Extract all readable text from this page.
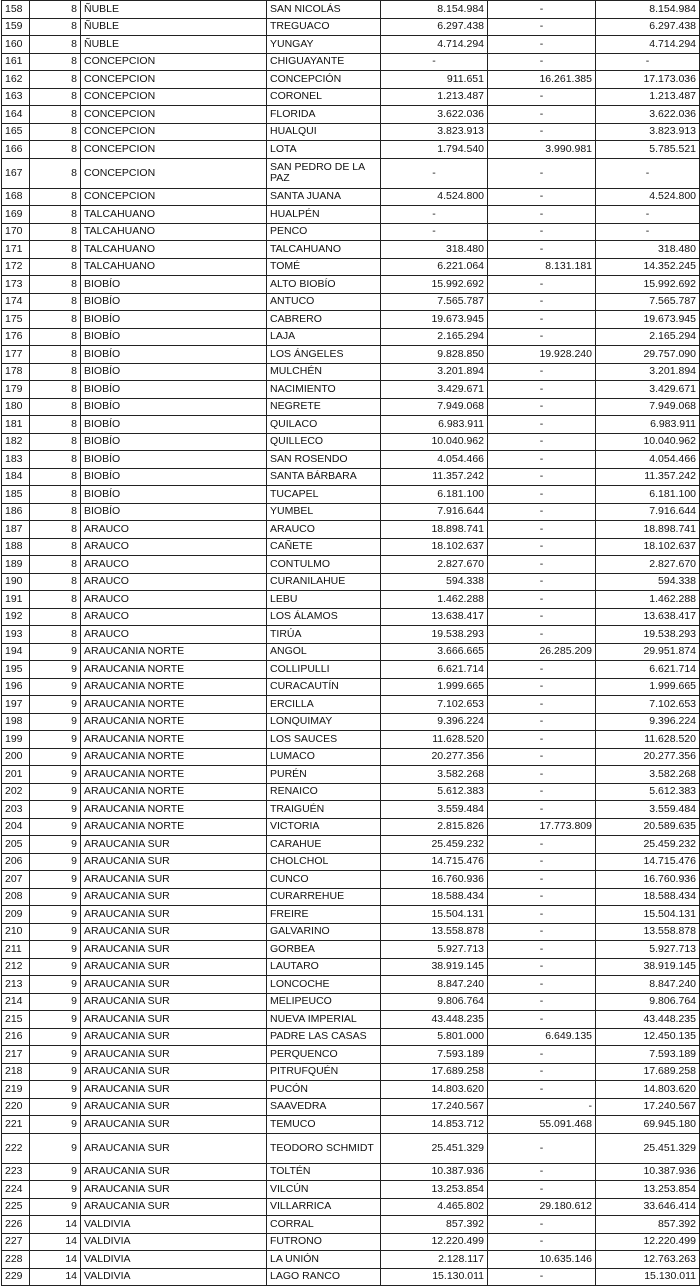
158	8	ÑUBLE	SAN NICOLÁS	8.154.984	-	8.154.984
159	8	ÑUBLE	TREGUACO	6.297.438	-	6.297.438
160	8	ÑUBLE	YUNGAY	4.714.294	-	4.714.294
161	8	CONCEPCION	CHIGUAYANTE	-	-	-
162	8	CONCEPCION	CONCEPCIÓN	911.651	16.261.385	17.173.036
163	8	CONCEPCION	CORONEL	1.213.487	-	1.213.487
164	8	CONCEPCION	FLORIDA	3.622.036	-	3.622.036
165	8	CONCEPCION	HUALQUI	3.823.913	-	3.823.913
166	8	CONCEPCION	LOTA	1.794.540	3.990.981	5.785.521
167	8	CONCEPCION	SAN PEDRO DE LA PAZ	-	-	-
168	8	CONCEPCION	SANTA JUANA	4.524.800	-	4.524.800
169	8	TALCAHUANO	HUALPÉN	-	-	-
170	8	TALCAHUANO	PENCO	-	-	-
171	8	TALCAHUANO	TALCAHUANO	318.480	-	318.480
172	8	TALCAHUANO	TOMÉ	6.221.064	8.131.181	14.352.245
173	8	BIOBÍO	ALTO BIOBÍO	15.992.692	-	15.992.692
174	8	BIOBÍO	ANTUCO	7.565.787	-	7.565.787
175	8	BIOBÍO	CABRERO	19.673.945	-	19.673.945
176	8	BIOBÍO	LAJA	2.165.294	-	2.165.294
177	8	BIOBÍO	LOS ÁNGELES	9.828.850	19.928.240	29.757.090
178	8	BIOBÍO	MULCHÉN	3.201.894	-	3.201.894
179	8	BIOBÍO	NACIMIENTO	3.429.671	-	3.429.671
180	8	BIOBÍO	NEGRETE	7.949.068	-	7.949.068
181	8	BIOBÍO	QUILACO	6.983.911	-	6.983.911
182	8	BIOBÍO	QUILLECO	10.040.962	-	10.040.962
183	8	BIOBÍO	SAN ROSENDO	4.054.466	-	4.054.466
184	8	BIOBÍO	SANTA BÁRBARA	11.357.242	-	11.357.242
185	8	BIOBÍO	TUCAPEL	6.181.100	-	6.181.100
186	8	BIOBÍO	YUMBEL	7.916.644	-	7.916.644
187	8	ARAUCO	ARAUCO	18.898.741	-	18.898.741
188	8	ARAUCO	CAÑETE	18.102.637	-	18.102.637
189	8	ARAUCO	CONTULMO	2.827.670	-	2.827.670
190	8	ARAUCO	CURANILAHUE	594.338	-	594.338
191	8	ARAUCO	LEBU	1.462.288	-	1.462.288
192	8	ARAUCO	LOS ÁLAMOS	13.638.417	-	13.638.417
193	8	ARAUCO	TIRÚA	19.538.293	-	19.538.293
194	9	ARAUCANIA NORTE	ANGOL	3.666.665	26.285.209	29.951.874
195	9	ARAUCANIA NORTE	COLLIPULLI	6.621.714	-	6.621.714
196	9	ARAUCANIA NORTE	CURACAUTÍN	1.999.665	-	1.999.665
197	9	ARAUCANIA NORTE	ERCILLA	7.102.653	-	7.102.653
198	9	ARAUCANIA NORTE	LONQUIMAY	9.396.224	-	9.396.224
199	9	ARAUCANIA NORTE	LOS SAUCES	11.628.520	-	11.628.520
200	9	ARAUCANIA NORTE	LUMACO	20.277.356	-	20.277.356
201	9	ARAUCANIA NORTE	PURÉN	3.582.268	-	3.582.268
202	9	ARAUCANIA NORTE	RENAICO	5.612.383	-	5.612.383
203	9	ARAUCANIA NORTE	TRAIGUÉN	3.559.484	-	3.559.484
204	9	ARAUCANIA NORTE	VICTORIA	2.815.826	17.773.809	20.589.635
205	9	ARAUCANIA SUR	CARAHUE	25.459.232	-	25.459.232
206	9	ARAUCANIA SUR	CHOLCHOL	14.715.476	-	14.715.476
207	9	ARAUCANIA SUR	CUNCO	16.760.936	-	16.760.936
208	9	ARAUCANIA SUR	CURARREHUE	18.588.434	-	18.588.434
209	9	ARAUCANIA SUR	FREIRE	15.504.131	-	15.504.131
210	9	ARAUCANIA SUR	GALVARINO	13.558.878	-	13.558.878
211	9	ARAUCANIA SUR	GORBEA	5.927.713	-	5.927.713
212	9	ARAUCANIA SUR	LAUTARO	38.919.145	-	38.919.145
213	9	ARAUCANIA SUR	LONCOCHE	8.847.240	-	8.847.240
214	9	ARAUCANIA SUR	MELIPEUCO	9.806.764	-	9.806.764
215	9	ARAUCANIA SUR	NUEVA IMPERIAL	43.448.235	-	43.448.235
216	9	ARAUCANIA SUR	PADRE LAS CASAS	5.801.000	6.649.135	12.450.135
217	9	ARAUCANIA SUR	PERQUENCO	7.593.189	-	7.593.189
218	9	ARAUCANIA SUR	PITRUFQUÉN	17.689.258	-	17.689.258
219	9	ARAUCANIA SUR	PUCÓN	14.803.620	-	14.803.620
220	9	ARAUCANIA SUR	SAAVEDRA	17.240.567	-	17.240.567
221	9	ARAUCANIA SUR	TEMUCO	14.853.712	55.091.468	69.945.180
222	9	ARAUCANIA SUR	TEODORO SCHMIDT	25.451.329	-	25.451.329
223	9	ARAUCANIA SUR	TOLTÉN	10.387.936	-	10.387.936
224	9	ARAUCANIA SUR	VILCÚN	13.253.854	-	13.253.854
225	9	ARAUCANIA SUR	VILLARRICA	4.465.802	29.180.612	33.646.414
226	14	VALDIVIA	CORRAL	857.392	-	857.392
227	14	VALDIVIA	FUTRONO	12.220.499	-	12.220.499
228	14	VALDIVIA	LA UNIÓN	2.128.117	10.635.146	12.763.263
229	14	VALDIVIA	LAGO RANCO	15.130.011	-	15.130.011
